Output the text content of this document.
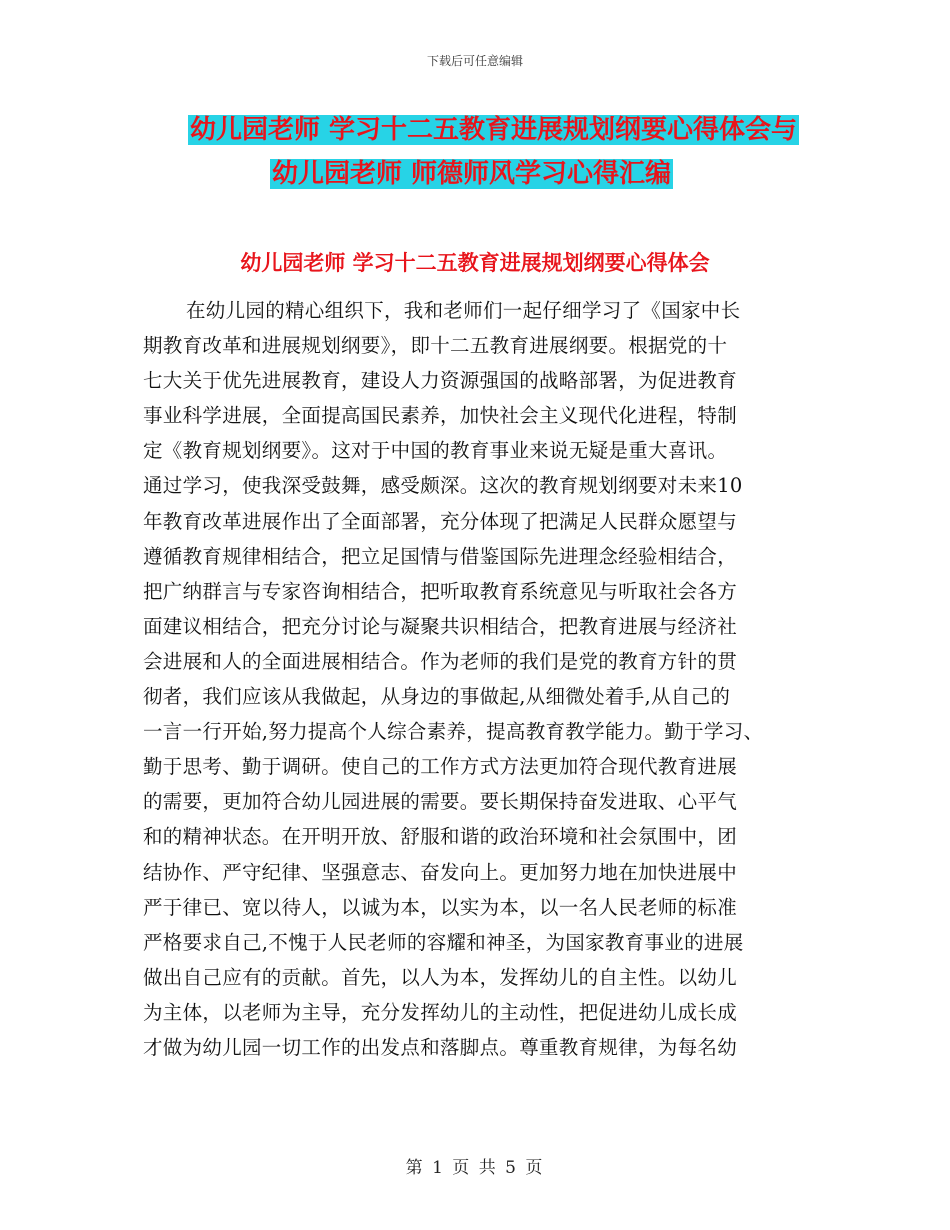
下载后可任意编辑
幼儿园老师 学习十二五教育进展规划纲要心得体会与
幼儿园老师 师德师风学习心得汇编
幼儿园老师 学习十二五教育进展规划纲要心得体会
在幼儿园的精心组织下，我和老师们一起仔细学习了《国家中长
期教育改革和进展规划纲要》，即十二五教育进展纲要。根据党的十
七大关于优先进展教育，建设人力资源强国的战略部署，为促进教育
事业科学进展，全面提高国民素养，加快社会主义现代化进程，特制
定《教育规划纲要》。这对于中国的教育事业来说无疑是重大喜讯。
通过学习，使我深受鼓舞，感受颇深。这次的教育规划纲要对未来10
年教育改革进展作出了全面部署，充分体现了把满足人民群众愿望与
遵循教育规律相结合，把立足国情与借鉴国际先进理念经验相结合，
把广纳群言与专家咨询相结合，把听取教育系统意见与听取社会各方
面建议相结合，把充分讨论与凝聚共识相结合，把教育进展与经济社
会进展和人的全面进展相结合。作为老师的我们是党的教育方针的贯
彻者，我们应该从我做起，从身边的事做起,从细微处着手,从自己的
一言一行开始,努力提高个人综合素养，提高教育教学能力。勤于学习、
勤于思考、勤于调研。使自己的工作方式方法更加符合现代教育进展
的需要，更加符合幼儿园进展的需要。要长期保持奋发进取、心平气
和的精神状态。在开明开放、舒服和谐的政治环境和社会氛围中，团
结协作、严守纪律、坚强意志、奋发向上。更加努力地在加快进展中
严于律已、宽以待人，以诚为本，以实为本，以一名人民老师的标准
严格要求自己,不愧于人民老师的容耀和神圣，为国家教育事业的进展
做出自己应有的贡献。首先，以人为本，发挥幼儿的自主性。以幼儿
为主体，以老师为主导，充分发挥幼儿的主动性，把促进幼儿成长成
才做为幼儿园一切工作的出发点和落脚点。尊重教育规律，为每名幼
第 1 页 共 5 页
